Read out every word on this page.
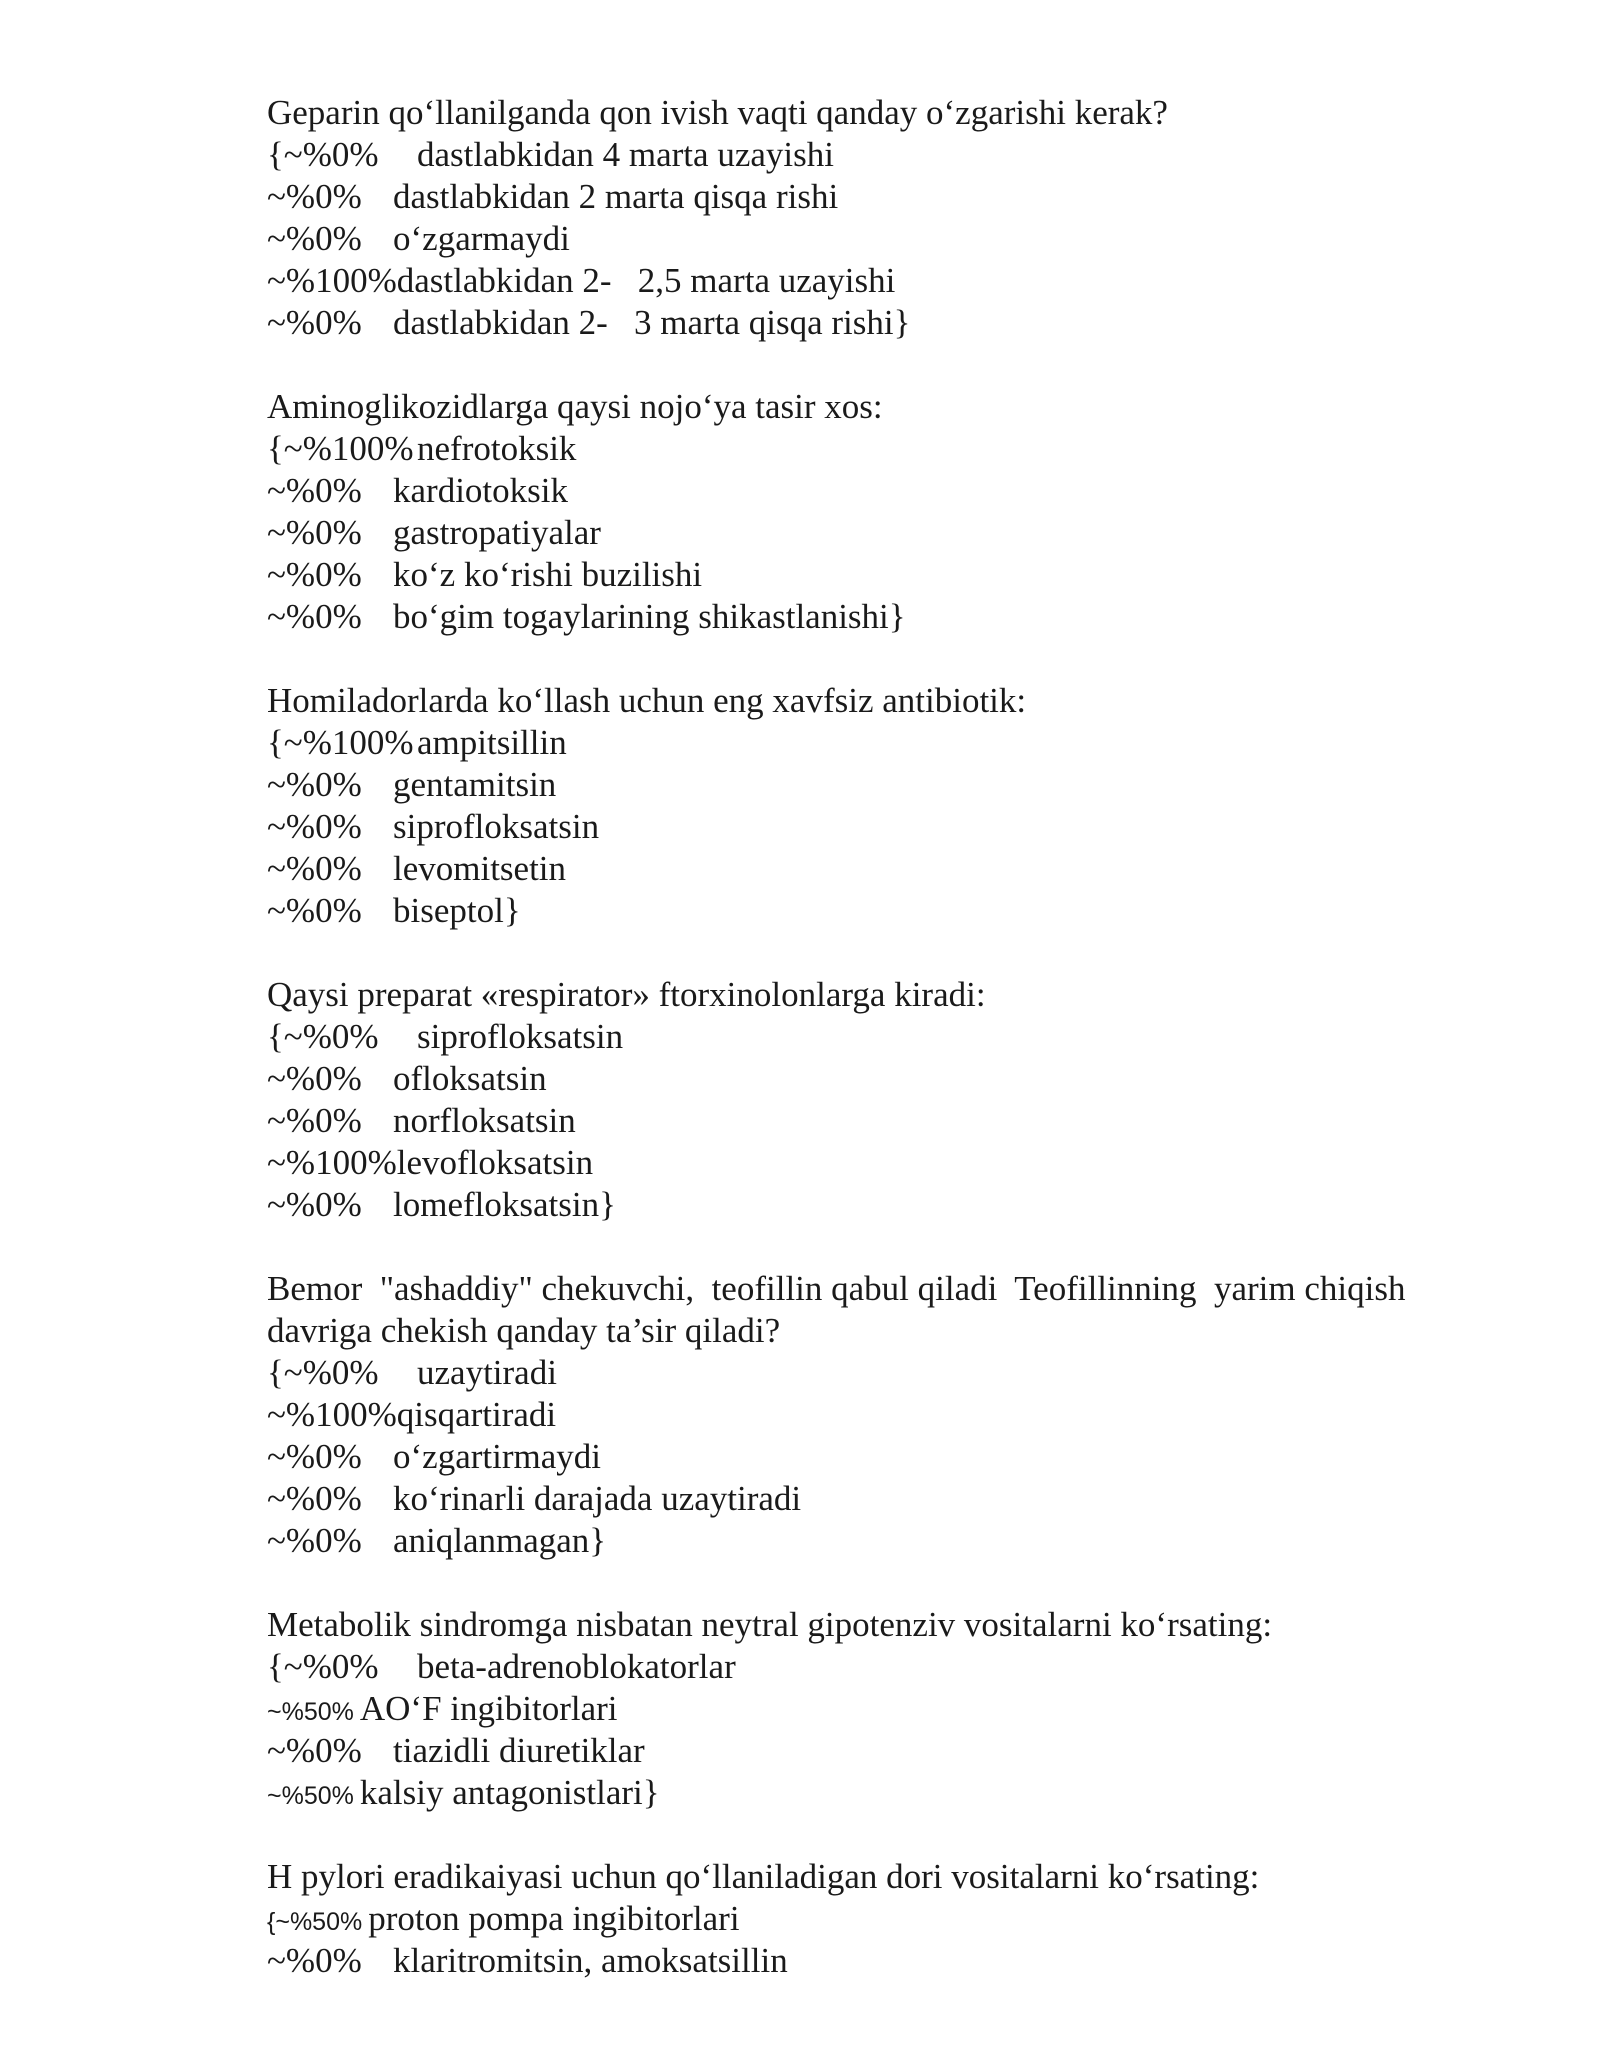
Geparin qo‘llanilganda qon ivish vaqti qanday o‘zgarishi kerak?
{~%0%	dastlabkidan 4 marta uzayishi
~%0% dastlabkidan 2 marta qisqa rishi
~%0% o‘zgarmaydi
~%100% dastlabkidan 2-   2,5 marta uzayishi
~%0% dastlabkidan 2-   3 marta qisqa rishi}
Aminoglikozidlarga qaysi nojo‘ya tasir xos:
{~%100% nefrotoksik
~%0% kardiotoksik
~%0% gastropatiyalar
~%0% ko‘z ko‘rishi buzilishi
~%0% bo‘gim togaylarining shikastlanishi}
Homiladorlarda ko‘llash uchun eng xavfsiz antibiotik:
{~%100% ampitsillin
~%0% gentamitsin
~%0% siprofloksatsin
~%0% levomitsetin
~%0% biseptol}
Qaysi preparat «respirator» ftorxinolonlarga kiradi:
{~%0%	siprofloksatsin
~%0% ofloksatsin
~%0% norfloksatsin
~%100% levofloksatsin
~%0% lomefloksatsin}
Bemor  "ashaddiy" chekuvchi,  teofillin qabul qiladi  Teofillinning  yarim chiqish davriga chekish qanday ta’sir qiladi?
{~%0%	uzaytiradi
~%100% qisqartiradi
~%0% o‘zgartirmaydi
~%0% ko‘rinarli darajada uzaytiradi
~%0% aniqlanmagan}
Metabolik sindromga nisbatan neytral gipotenziv vositalarni ko‘rsating:
{~%0%	beta-adrenoblokatorlar
~%50% AO‘F ingibitorlari
~%0% tiazidli diuretiklar
~%50% kalsiy antagonistlari}
H pylori eradikaiyasi uchun qo‘llaniladigan dori vositalarni ko‘rsating:
{~%50% proton pompa ingibitorlari
~%0% klaritromitsin, amoksatsillin
